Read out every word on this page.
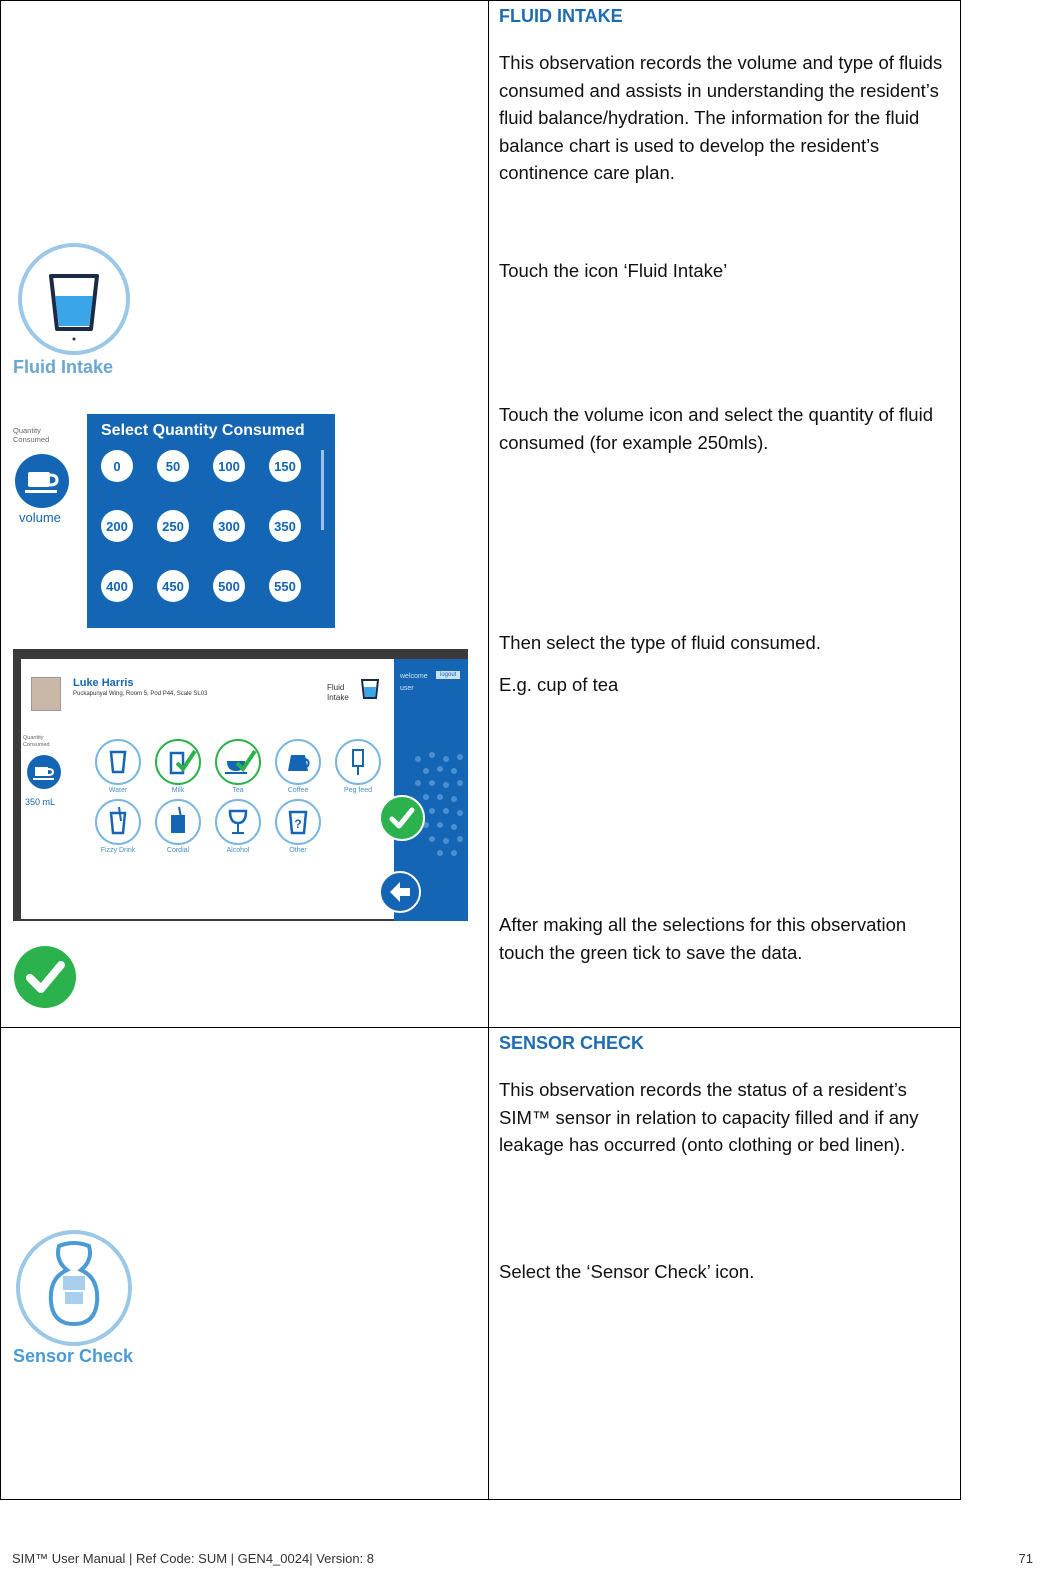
Fluid Intake
Quantity Consumed
volume
Select Quantity Consumed
0	50	100	150
200	250	300	350
400	450	500	550
Luke Harris
Puckapunyal Wing, Room 5, Pod P44, Scale SL03
Fluid Intake
Quantity Consumed
350 mL
?
Water	Milk	Tea	Coffee	Peg feed
Fizzy Drink	Cordial	Alcohol	Other
welcome	logout
user
FLUID INTAKE
This observation records the volume and type of fluids consumed and assists in understanding the resident’s fluid balance/hydration. The information for the fluid balance chart is used to develop the resident’s continence care plan.
Touch the icon ‘Fluid Intake’
Touch the volume icon and select the quantity of fluid consumed (for example 250mls).
Then select the type of fluid consumed.
E.g. cup of tea
After making all the selections for this observation touch the green tick to save the data.
Sensor Check
SENSOR CHECK
This observation records the status of a resident’s SIM™ sensor in relation to capacity filled and if any leakage has occurred (onto clothing or bed linen).
Select the ‘Sensor Check’ icon.
SIM™ User Manual | Ref Code: SUM | GEN4_0024| Version: 8	71
